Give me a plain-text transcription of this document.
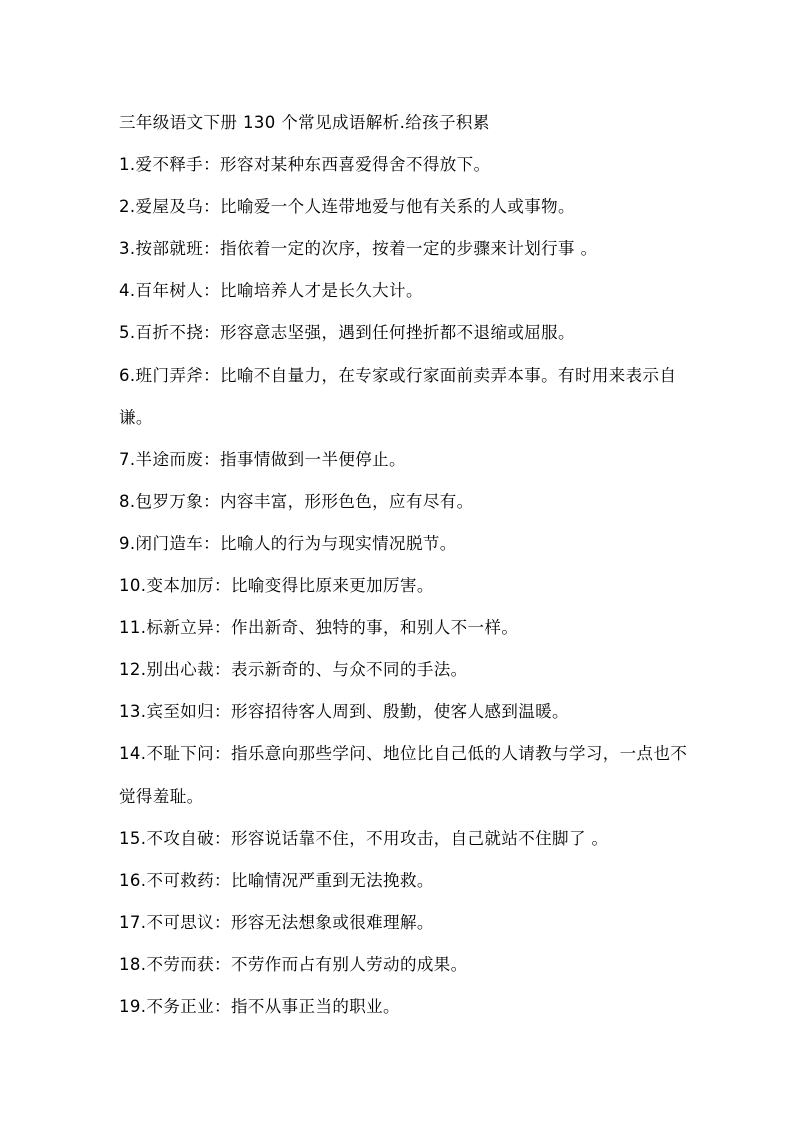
三年级语文下册 130 个常见成语解析.给孩子积累
1.爱不释手：形容对某种东西喜爱得舍不得放下。
2.爱屋及乌：比喻爱一个人连带地爱与他有关系的人或事物。
3.按部就班：指依着一定的次序，按着一定的步骤来计划行事 。
4.百年树人：比喻培养人才是长久大计。
5.百折不挠：形容意志坚强，遇到任何挫折都不退缩或屈服。
6.班门弄斧：比喻不自量力，在专家或行家面前卖弄本事。有时用来表示自谦。
7.半途而废：指事情做到一半便停止。
8.包罗万象：内容丰富，形形色色，应有尽有。
9.闭门造车：比喻人的行为与现实情况脱节。
10.变本加厉：比喻变得比原来更加厉害。
11.标新立异：作出新奇、独特的事，和别人不一样。
12.别出心裁：表示新奇的、与众不同的手法。
13.宾至如归：形容招待客人周到、殷勤，使客人感到温暖。
14.不耻下问：指乐意向那些学问、地位比自己低的人请教与学习，一点也不觉得羞耻。
15.不攻自破：形容说话靠不住，不用攻击，自己就站不住脚了 。
16.不可救药：比喻情况严重到无法挽救。
17.不可思议：形容无法想象或很难理解。
18.不劳而获：不劳作而占有别人劳动的成果。
19.不务正业：指不从事正当的职业。
